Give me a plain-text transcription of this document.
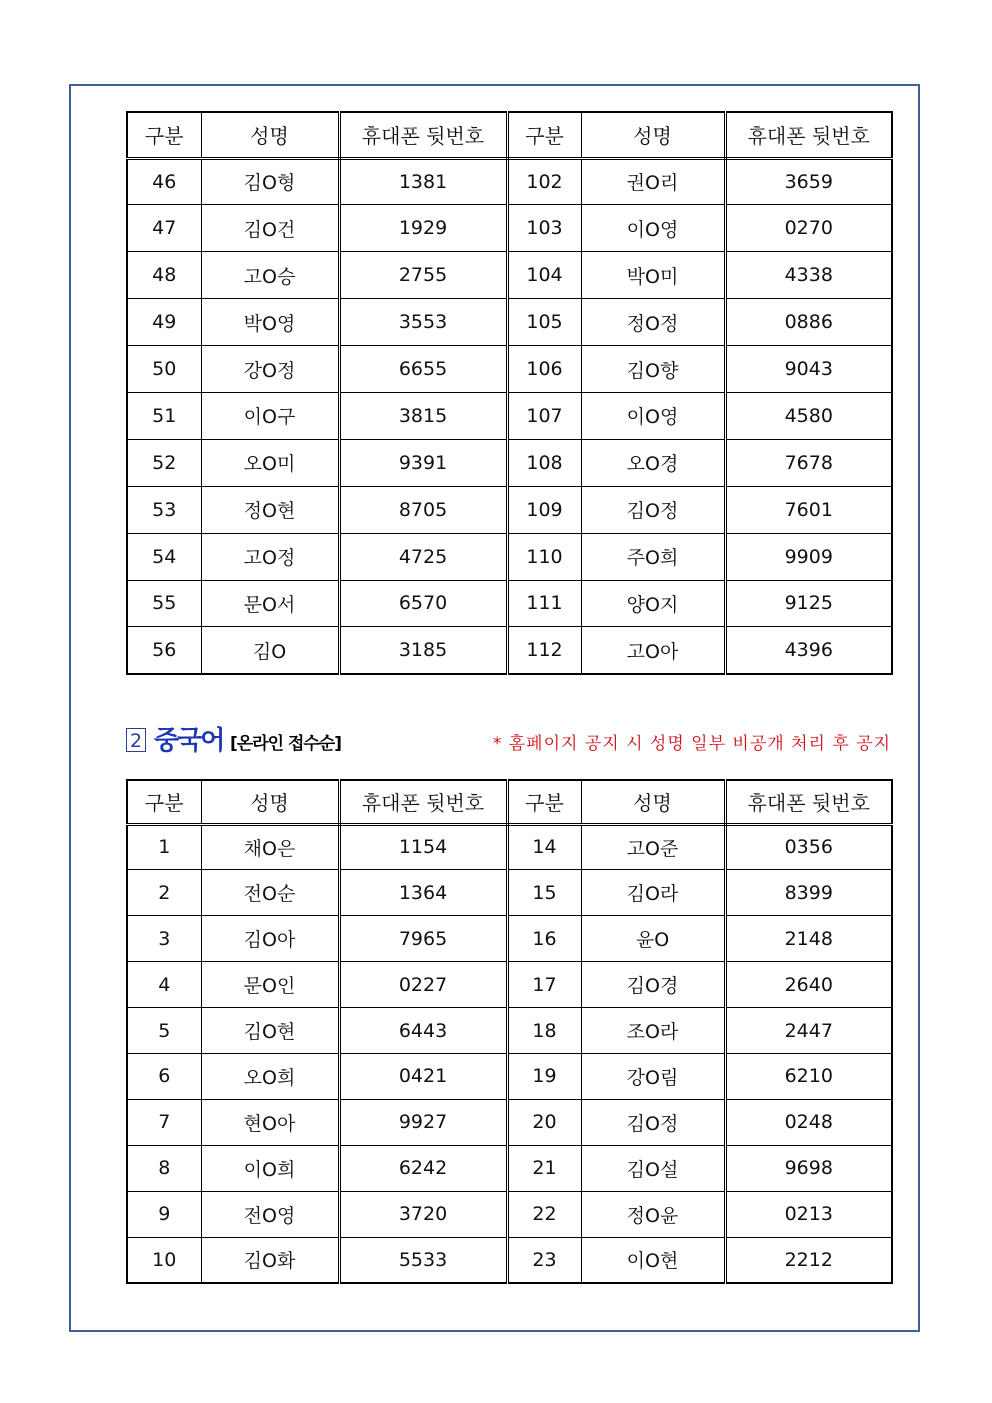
구분	성명	휴대폰 뒷번호	구분	성명	휴대폰 뒷번호
46	김O형	1381	102	권O리	3659
47	김O건	1929	103	이O영	0270
48	고O승	2755	104	박O미	4338
49	박O영	3553	105	정O정	0886
50	강O정	6655	106	김O향	9043
51	이O구	3815	107	이O영	4580
52	오O미	9391	108	오O경	7678
53	정O현	8705	109	김O정	7601
54	고O정	4725	110	주O희	9909
55	문O서	6570	111	양O지	9125
56	김O	3185	112	고O아	4396
2 중국어 [온라인 접수순]	* 홈페이지 공지 시 성명 일부 비공개 처리 후 공지
구분	성명	휴대폰 뒷번호	구분	성명	휴대폰 뒷번호
1	채O은	1154	14	고O준	0356
2	전O순	1364	15	김O라	8399
3	김O아	7965	16	윤O	2148
4	문O인	0227	17	김O경	2640
5	김O현	6443	18	조O라	2447
6	오O희	0421	19	강O림	6210
7	현O아	9927	20	김O정	0248
8	이O희	6242	21	김O설	9698
9	전O영	3720	22	정O윤	0213
10	김O화	5533	23	이O현	2212
